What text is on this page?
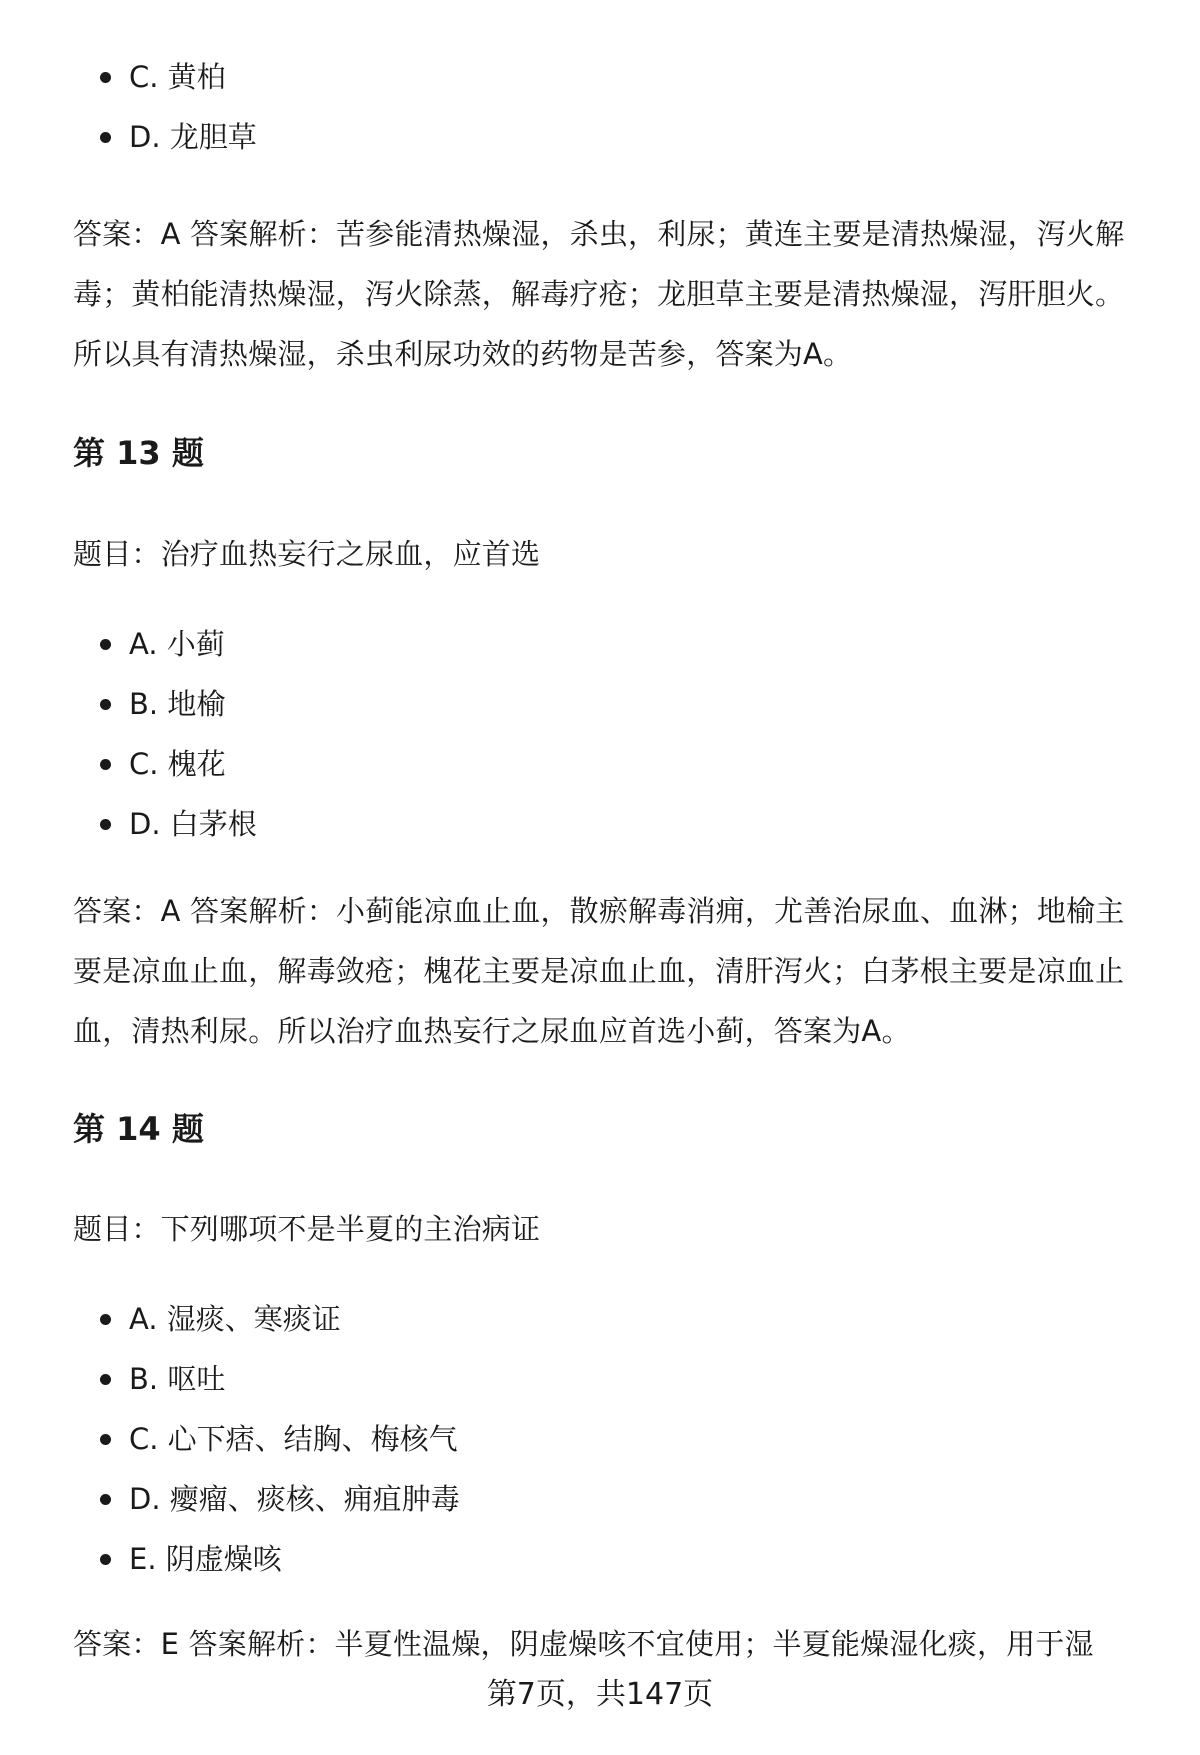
C. 黄柏
D. 龙胆草
答案：A 答案解析：苦参能清热燥湿，杀虫，利尿；黄连主要是清热燥湿，泻火解
毒；黄柏能清热燥湿，泻火除蒸，解毒疗疮；龙胆草主要是清热燥湿，泻肝胆火。
所以具有清热燥湿，杀虫利尿功效的药物是苦参，答案为A。
第 13 题
题目：治疗血热妄行之尿血，应首选
A. 小蓟
B. 地榆
C. 槐花
D. 白茅根
答案：A 答案解析：小蓟能凉血止血，散瘀解毒消痈，尤善治尿血、血淋；地榆主
要是凉血止血，解毒敛疮；槐花主要是凉血止血，清肝泻火；白茅根主要是凉血止
血，清热利尿。所以治疗血热妄行之尿血应首选小蓟，答案为A。
第 14 题
题目：下列哪项不是半夏的主治病证
A. 湿痰、寒痰证
B. 呕吐
C. 心下痞、结胸、梅核气
D. 瘿瘤、痰核、痈疽肿毒
E. 阴虚燥咳
答案：E 答案解析：半夏性温燥，阴虚燥咳不宜使用；半夏能燥湿化痰，用于湿
第7页，共147页
